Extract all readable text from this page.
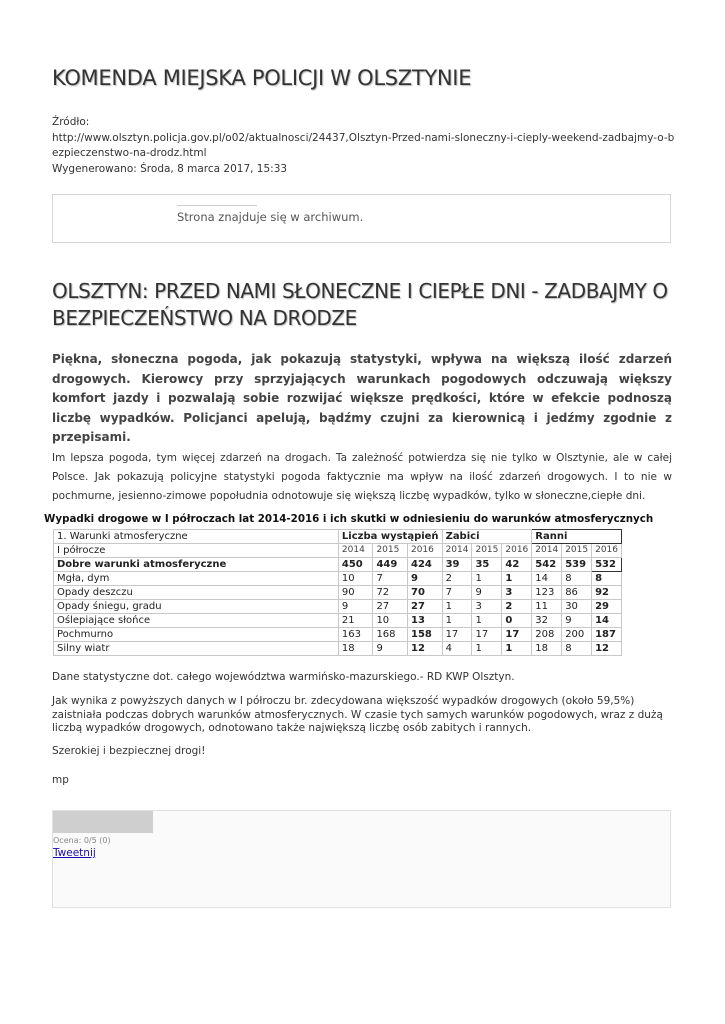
KOMENDA MIEJSKA POLICJI W OLSZTYNIE
Źródło:
http://www.olsztyn.policja.gov.pl/o02/aktualnosci/24437,Olsztyn-Przed-nami-sloneczny-i-cieply-weekend-zadbajmy-o-bezpieczenstwo-na-drodz.html
Wygenerowano: Środa, 8 marca 2017, 15:33
Strona znajduje się w archiwum.
OLSZTYN: PRZED NAMI SŁONECZNE I CIEPŁE DNI - ZADBAJMY O BEZPIECZEŃSTWO NA DRODZE

Piękna, słoneczna pogoda, jak pokazują statystyki, wpływa na większą ilość zdarzeń drogowych. Kierowcy przy sprzyjających warunkach pogodowych odczuwają większy komfort jazdy i pozwalają sobie rozwijać większe prędkości, które w efekcie podnoszą liczbę wypadków. Policjanci apelują, bądźmy czujni za kierownicą i jedźmy zgodnie z przepisami.

Im lepsza pogoda, tym więcej zdarzeń na drogach. Ta zależność potwierdza się nie tylko w Olsztynie, ale w całej Polsce. Jak pokazują policyjne statystyki pogoda faktycznie ma wpływ na ilość zdarzeń drogowych. I to nie w pochmurne, jesienno-zimowe popołudnia odnotowuje się większą liczbę wypadków, tylko w słoneczne,ciepłe dni.

Wypadki drogowe w I półroczach lat 2014-2016 i ich skutki w odniesieniu do warunków atmosferycznych

1. Warunki atmosferyczne	Liczba wystąpień			Zabici			Ranni		
I półrocze	2014	2015	2016	2014	2015	2016	2014	2015	2016
Dobre warunki atmosferyczne	450	449	424	39	35	42	542	539	532
Mgła, dym	10	7	9	2	1	1	14	8	8
Opady deszczu	90	72	70	7	9	3	123	86	92
Opady śniegu, gradu	9	27	27	1	3	2	11	30	29
Oślepiające słońce	21	10	13	1	1	0	32	9	14
Pochmurno	163	168	158	17	17	17	208	200	187
Silny wiatr	18	9	12	4	1	1	18	8	12

Dane statystyczne dot. całego województwa warmińsko-mazurskiego.- RD KWP Olsztyn.

Jak wynika z powyższych danych w I półroczu br. zdecydowana większość wypadków drogowych (około 59,5%) zaistniała podczas dobrych warunków atmosferycznych. W czasie tych samych warunków pogodowych, wraz z dużą liczbą wypadków drogowych, odnotowano także największą liczbę osób zabitych i rannych.

Szerokiej i bezpiecznej drogi!

mp

Ocena: 0/5 (0)
Tweetnij
